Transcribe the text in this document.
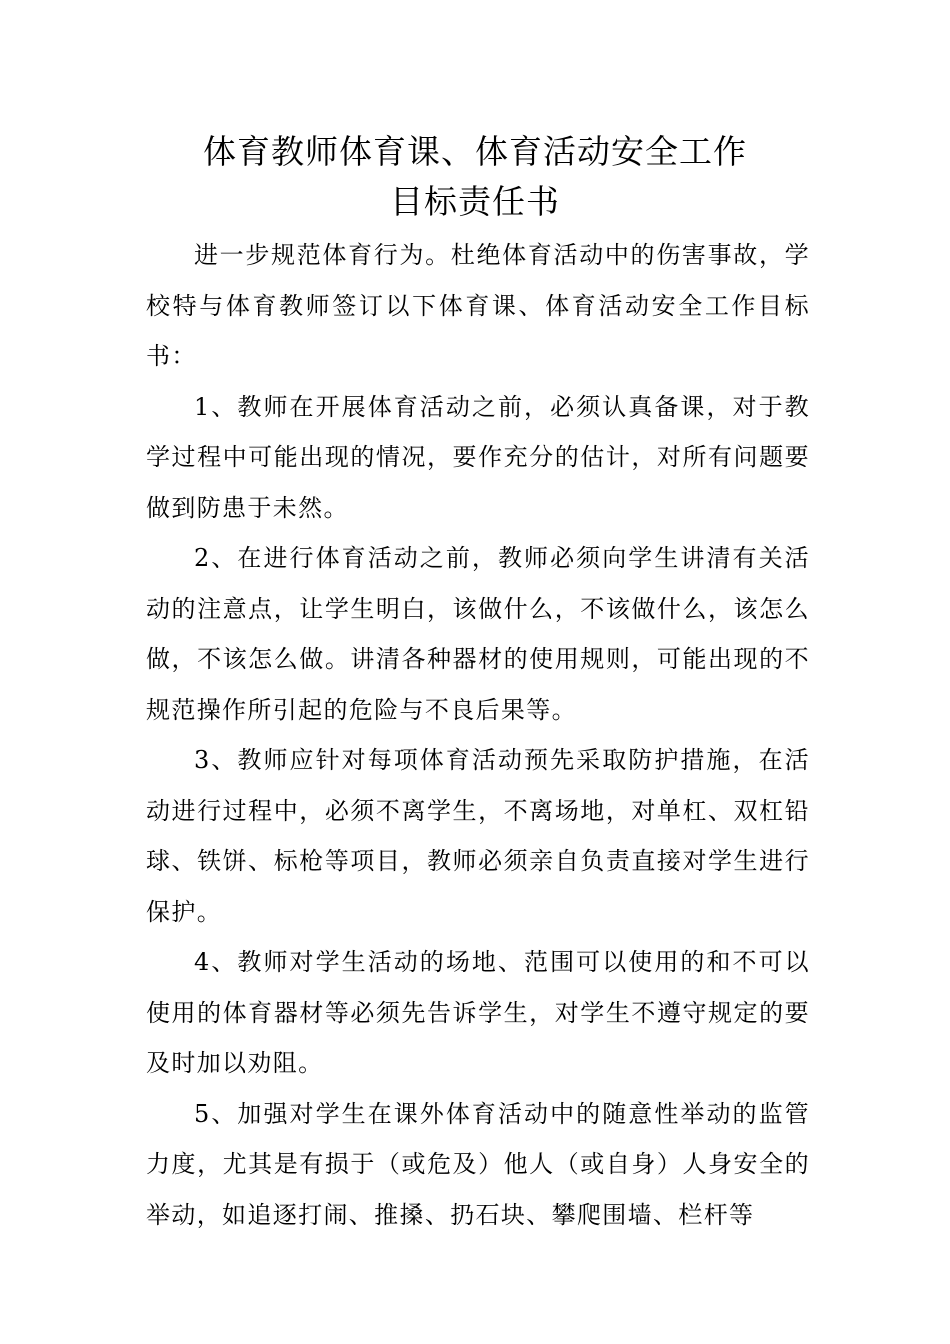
体育教师体育课、体育活动安全工作
目标责任书

进一步规范体育行为。杜绝体育活动中的伤害事故，学校特与体育教师签订以下体育课、体育活动安全工作目标书：

1、教师在开展体育活动之前，必须认真备课，对于教学过程中可能出现的情况，要作充分的估计，对所有问题要做到防患于未然。

2、在进行体育活动之前，教师必须向学生讲清有关活动的注意点，让学生明白，该做什么，不该做什么，该怎么做，不该怎么做。讲清各种器材的使用规则，可能出现的不规范操作所引起的危险与不良后果等。

3、教师应针对每项体育活动预先采取防护措施，在活动进行过程中，必须不离学生，不离场地，对单杠、双杠铅球、铁饼、标枪等项目，教师必须亲自负责直接对学生进行保护。

4、教师对学生活动的场地、范围可以使用的和不可以使用的体育器材等必须先告诉学生，对学生不遵守规定的要及时加以劝阻。

5、加强对学生在课外体育活动中的随意性举动的监管力度，尤其是有损于（或危及）他人（或自身）人身安全的举动，如追逐打闹、推搡、扔石块、攀爬围墙、栏杆等
